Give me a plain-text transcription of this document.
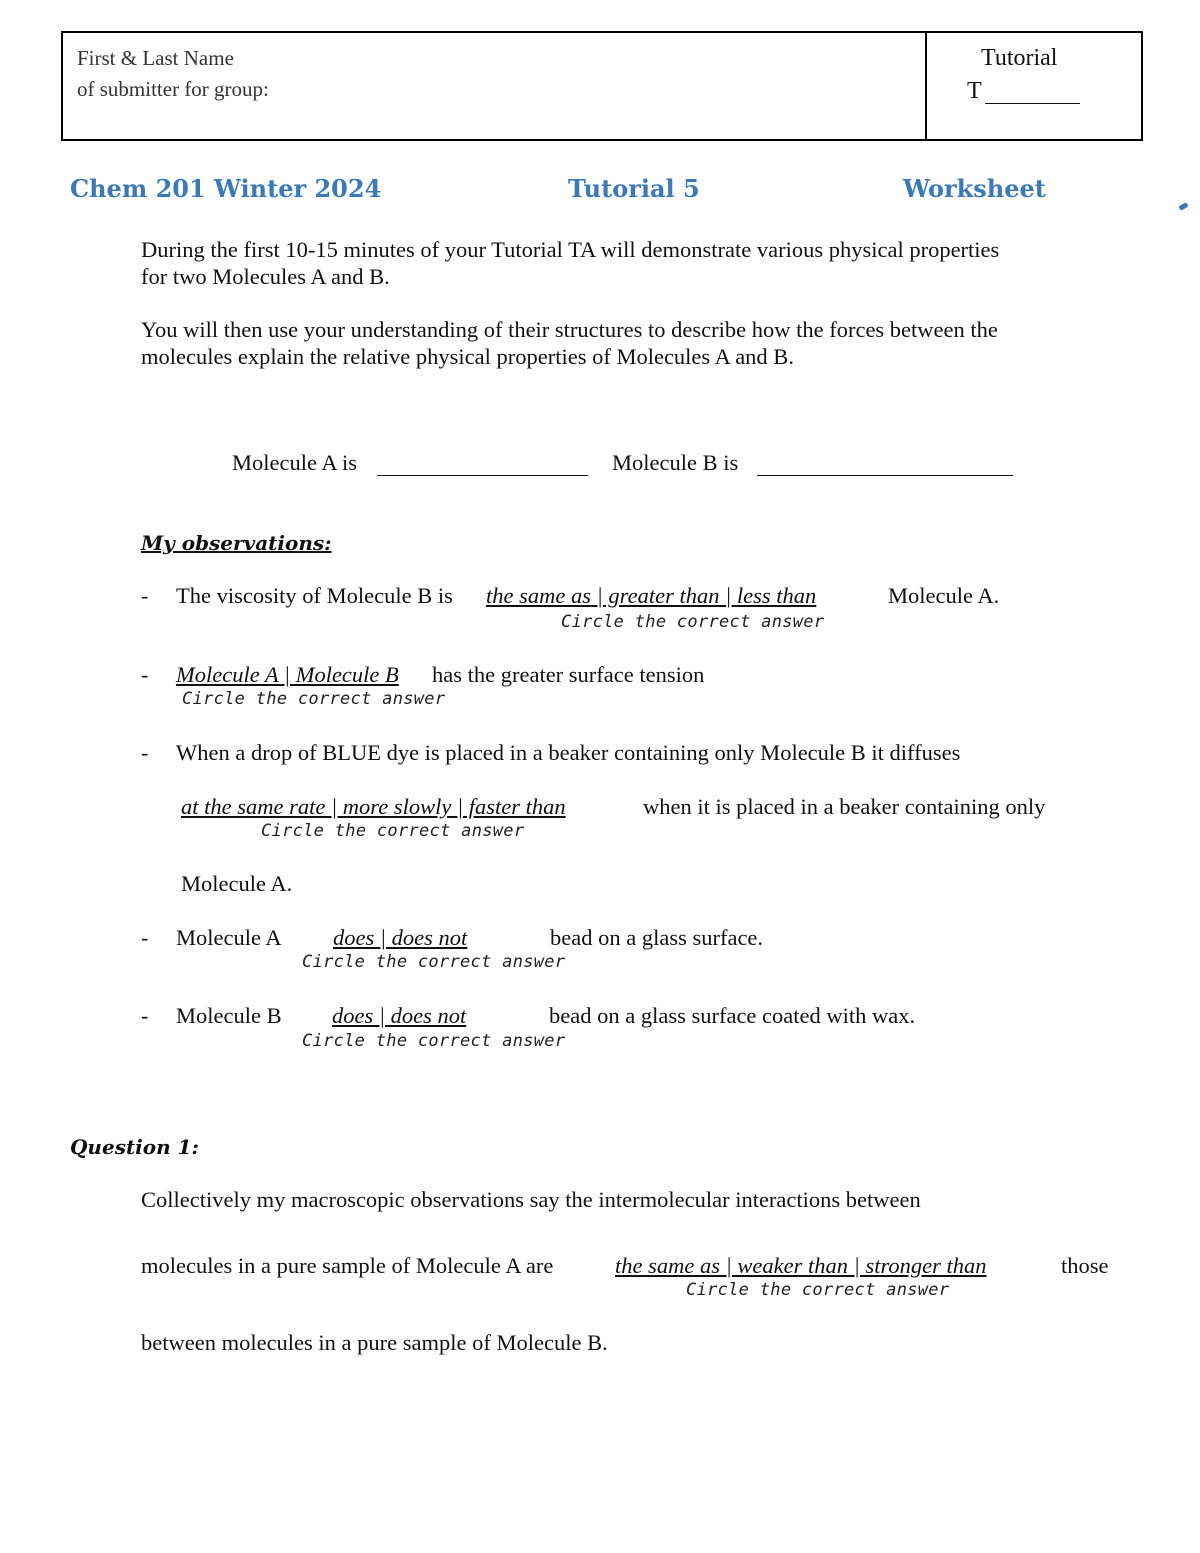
First & Last Name
of submitter for group:
Tutorial
T
Chem 201 Winter 2024	Tutorial 5	Worksheet
During the first 10-15 minutes of your Tutorial TA will demonstrate various physical properties
for two Molecules A and B.
You will then use your understanding of their structures to describe how the forces between the
molecules explain the relative physical properties of Molecules A and B.
Molecule A is	Molecule B is
My observations:
- The viscosity of Molecule B is the same as | greater than | less than	Molecule A.
Circle the correct answer
- Molecule A | Molecule B has the greater surface tension
Circle the correct answer
- When a drop of BLUE dye is placed in a beaker containing only Molecule B it diffuses
at the same rate | more slowly | faster than	when it is placed in a beaker containing only
Circle the correct answer
Molecule A.
- Molecule A does | does not	bead on a glass surface.
Circle the correct answer
- Molecule B does | does not	bead on a glass surface coated with wax.
Circle the correct answer
Question 1:
Collectively my macroscopic observations say the intermolecular interactions between
molecules in a pure sample of Molecule A are	the same as | weaker than | stronger than	those
Circle the correct answer
between molecules in a pure sample of Molecule B.
